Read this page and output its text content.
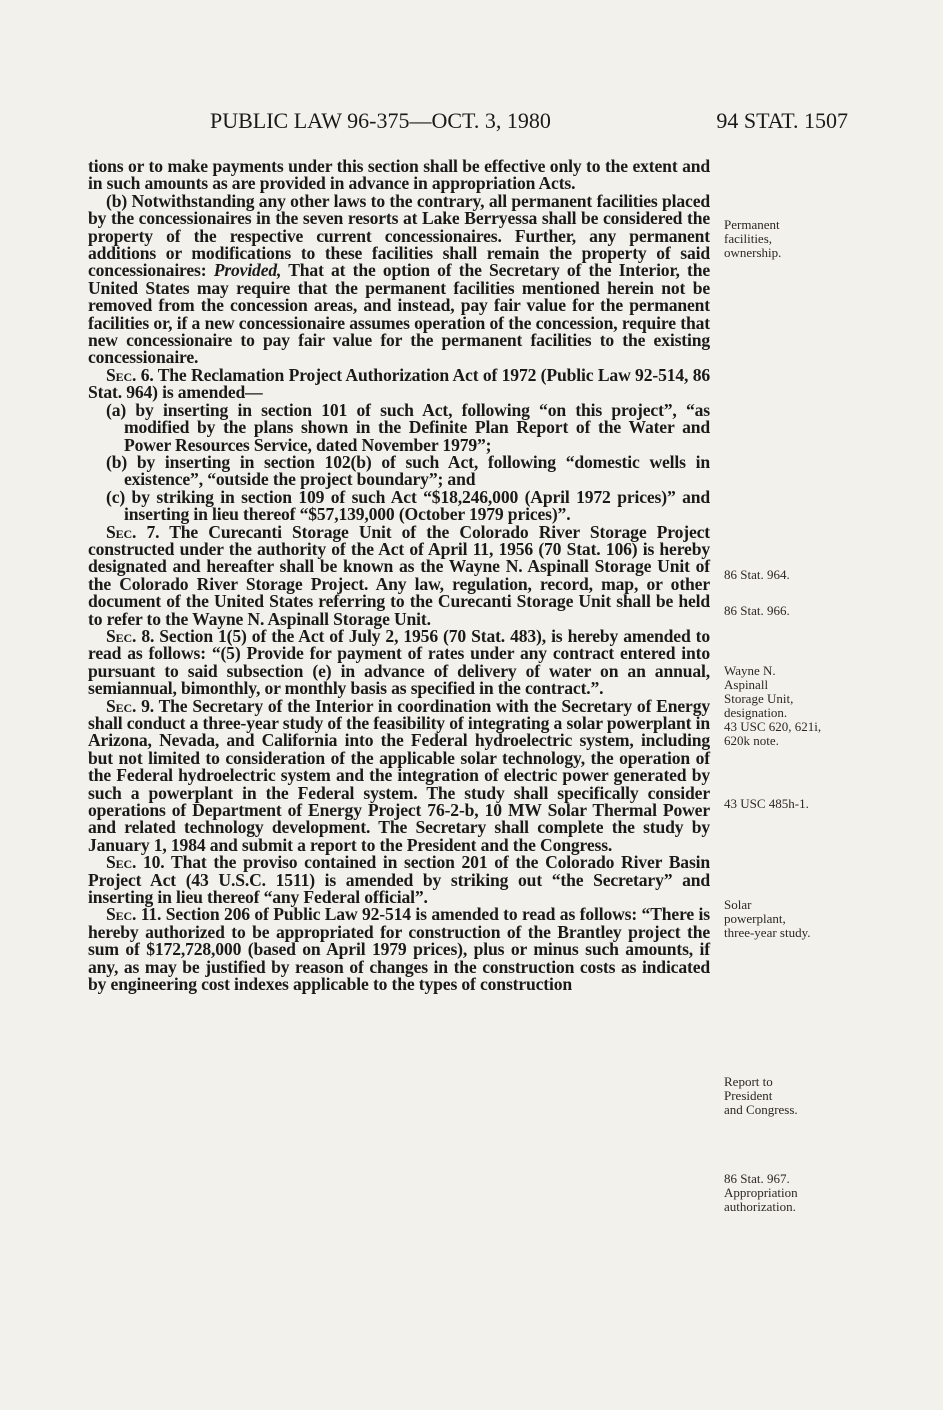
PUBLIC LAW 96-375—OCT. 3, 1980	94 STAT. 1507

tions or to make payments under this section shall be effective only to the extent and in such amounts as are provided in advance in appropriation Acts.

(b) Notwithstanding any other laws to the contrary, all permanent facilities placed by the concessionaires in the seven resorts at Lake Berryessa shall be considered the property of the respective current concessionaires. Further, any permanent additions or modifications to these facilities shall remain the property of said concessionaires: Provided, That at the option of the Secretary of the Interior, the United States may require that the permanent facilities mentioned herein not be removed from the concession areas, and instead, pay fair value for the permanent facilities or, if a new concessionaire assumes operation of the concession, require that new concessionaire to pay fair value for the permanent facilities to the existing concessionaire.

Sec. 6. The Reclamation Project Authorization Act of 1972 (Public Law 92-514, 86 Stat. 964) is amended—

(a) by inserting in section 101 of such Act, following “on this project”, “as modified by the plans shown in the Definite Plan Report of the Water and Power Resources Service, dated November 1979”;

(b) by inserting in section 102(b) of such Act, following “domestic wells in existence”, “outside the project boundary”; and

(c) by striking in section 109 of such Act “$18,246,000 (April 1972 prices)” and inserting in lieu thereof “$57,139,000 (October 1979 prices)”.

Sec. 7. The Curecanti Storage Unit of the Colorado River Storage Project constructed under the authority of the Act of April 11, 1956 (70 Stat. 106) is hereby designated and hereafter shall be known as the Wayne N. Aspinall Storage Unit of the Colorado River Storage Project. Any law, regulation, record, map, or other document of the United States referring to the Curecanti Storage Unit shall be held to refer to the Wayne N. Aspinall Storage Unit.

Sec. 8. Section 1(5) of the Act of July 2, 1956 (70 Stat. 483), is hereby amended to read as follows: “(5) Provide for payment of rates under any contract entered into pursuant to said subsection (e) in advance of delivery of water on an annual, semiannual, bimonthly, or monthly basis as specified in the contract.”.

Sec. 9. The Secretary of the Interior in coordination with the Secretary of Energy shall conduct a three-year study of the feasibility of integrating a solar powerplant in Arizona, Nevada, and California into the Federal hydroelectric system, including but not limited to consideration of the applicable solar technology, the operation of the Federal hydroelectric system and the integration of electric power generated by such a powerplant in the Federal system. The study shall specifically consider operations of Department of Energy Project 76-2-b, 10 MW Solar Thermal Power and related technology development. The Secretary shall complete the study by January 1, 1984 and submit a report to the President and the Congress.

Sec. 10. That the proviso contained in section 201 of the Colorado River Basin Project Act (43 U.S.C. 1511) is amended by striking out “the Secretary” and inserting in lieu thereof “any Federal official”.

Sec. 11. Section 206 of Public Law 92-514 is amended to read as follows: “There is hereby authorized to be appropriated for construction of the Brantley project the sum of $172,728,000 (based on April 1979 prices), plus or minus such amounts, if any, as may be justified by reason of changes in the construction costs as indicated by engineering cost indexes applicable to the types of construction

Permanent
facilities,
ownership.
86 Stat. 964.
86 Stat. 966.
Wayne N.
Aspinall
Storage Unit,
designation.
43 USC 620, 621i,
620k note.
43 USC 485h-1.
Solar
powerplant,
three-year study.
Report to
President
and Congress.
86 Stat. 967.
Appropriation
authorization.
